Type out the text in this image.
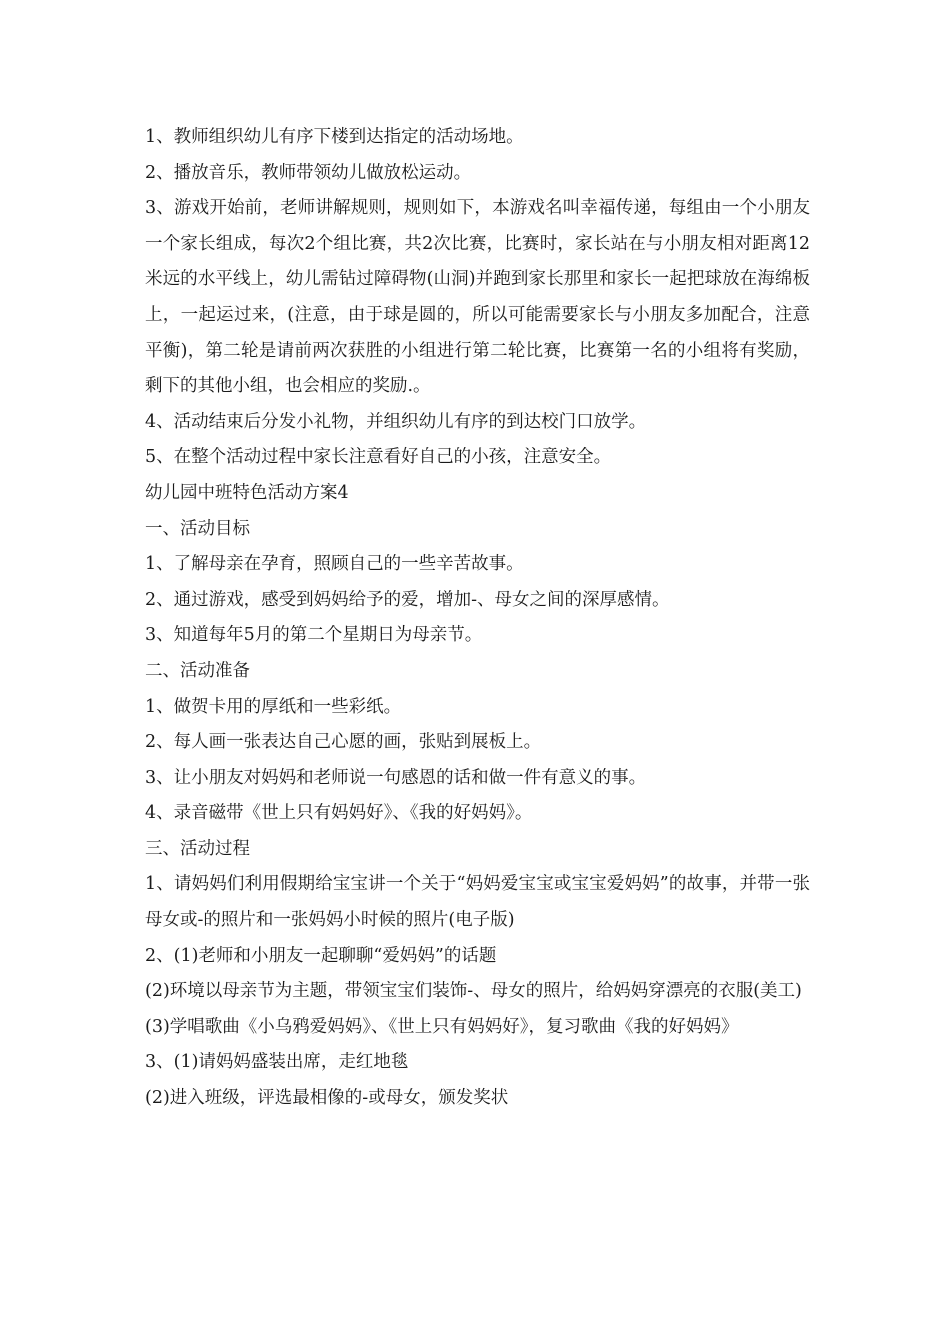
1、教师组织幼儿有序下楼到达指定的活动场地。

2、播放音乐，教师带领幼儿做放松运动。

3、游戏开始前，老师讲解规则，规则如下，本游戏名叫幸福传递，每组由一个小朋友一个家长组成，每次2个组比赛，共2次比赛，比赛时，家长站在与小朋友相对距离12米远的水平线上，幼儿需钻过障碍物(山洞)并跑到家长那里和家长一起把球放在海绵板上，一起运过来，(注意，由于球是圆的，所以可能需要家长与小朋友多加配合，注意平衡)，第二轮是请前两次获胜的小组进行第二轮比赛，比赛第一名的小组将有奖励，剩下的其他小组，也会相应的奖励.。

4、活动结束后分发小礼物，并组织幼儿有序的到达校门口放学。

5、在整个活动过程中家长注意看好自己的小孩，注意安全。

幼儿园中班特色活动方案4

一、活动目标

1、了解母亲在孕育，照顾自己的一些辛苦故事。

2、通过游戏，感受到妈妈给予的爱，增加-、母女之间的深厚感情。

3、知道每年5月的第二个星期日为母亲节。

二、活动准备

1、做贺卡用的厚纸和一些彩纸。

2、每人画一张表达自己心愿的画，张贴到展板上。

3、让小朋友对妈妈和老师说一句感恩的话和做一件有意义的事。

4、录音磁带《世上只有妈妈好》、《我的好妈妈》。

三、活动过程

1、请妈妈们利用假期给宝宝讲一个关于“妈妈爱宝宝或宝宝爱妈妈”的故事，并带一张母女或-的照片和一张妈妈小时候的照片(电子版)

2、(1)老师和小朋友一起聊聊“爱妈妈”的话题

(2)环境以母亲节为主题，带领宝宝们装饰-、母女的照片，给妈妈穿漂亮的衣服(美工)

(3)学唱歌曲《小乌鸦爱妈妈》、《世上只有妈妈好》，复习歌曲《我的好妈妈》

3、(1)请妈妈盛装出席，走红地毯

(2)进入班级，评选最相像的-或母女，颁发奖状
